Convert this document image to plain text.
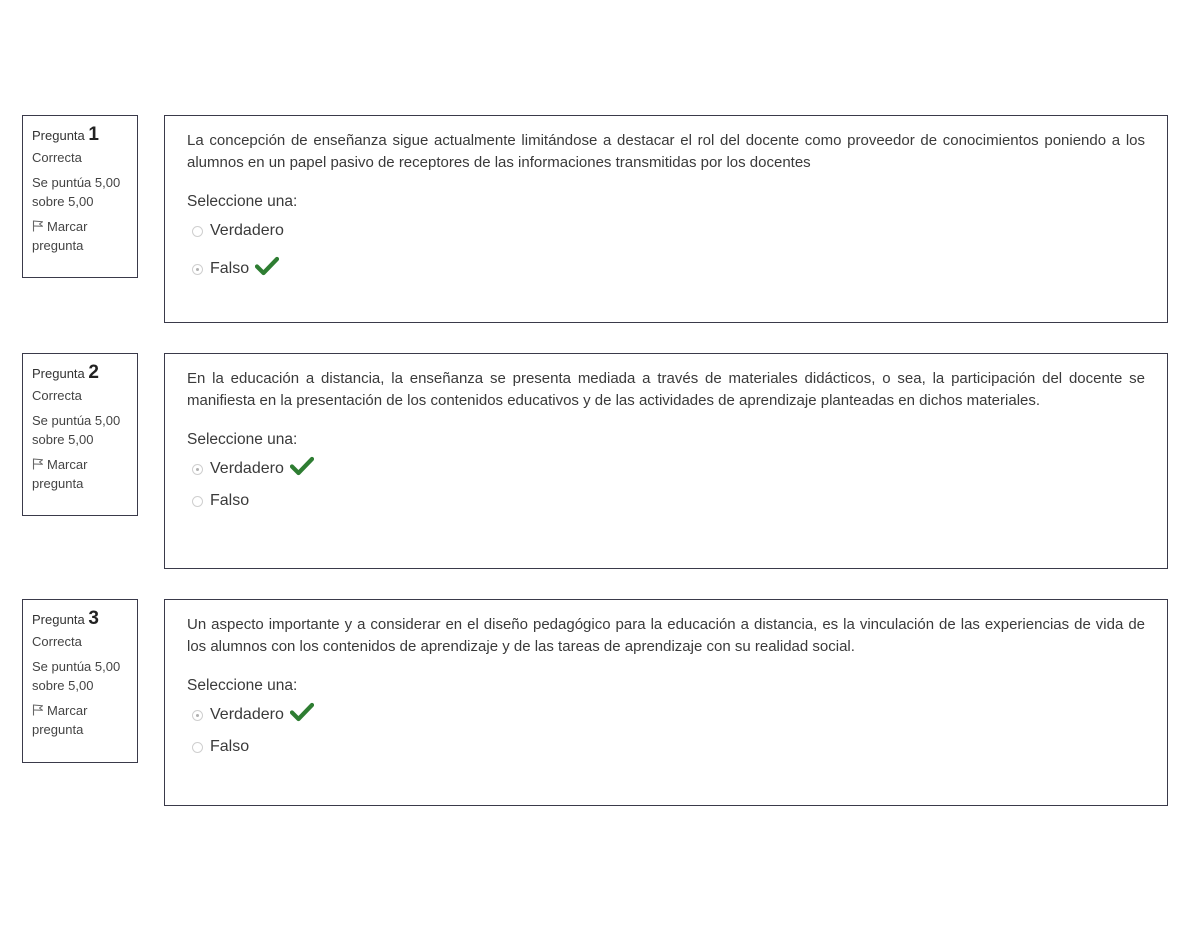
Pregunta 1
Correcta
Se puntúa 5,00 sobre 5,00
Marcar pregunta

La concepción de enseñanza sigue actualmente limitándose a destacar el rol del docente como proveedor de conocimientos poniendo a los alumnos en un papel pasivo de receptores de las informaciones transmitidas por los docentes

Seleccione una:
Verdadero
Falso
Pregunta 2
Correcta
Se puntúa 5,00 sobre 5,00
Marcar pregunta

En la educación a distancia, la enseñanza se presenta mediada a través de materiales didácticos, o sea, la participación del docente se manifiesta en la presentación de los contenidos educativos y de las actividades de aprendizaje planteadas en dichos materiales.

Seleccione una:
Verdadero
Falso
Pregunta 3
Correcta
Se puntúa 5,00 sobre 5,00
Marcar pregunta

Un aspecto importante y a considerar en el diseño pedagógico para la educación a distancia, es la vinculación de las experiencias de vida de los alumnos con los contenidos de aprendizaje y de las tareas de aprendizaje con su realidad social.

Seleccione una:
Verdadero
Falso
